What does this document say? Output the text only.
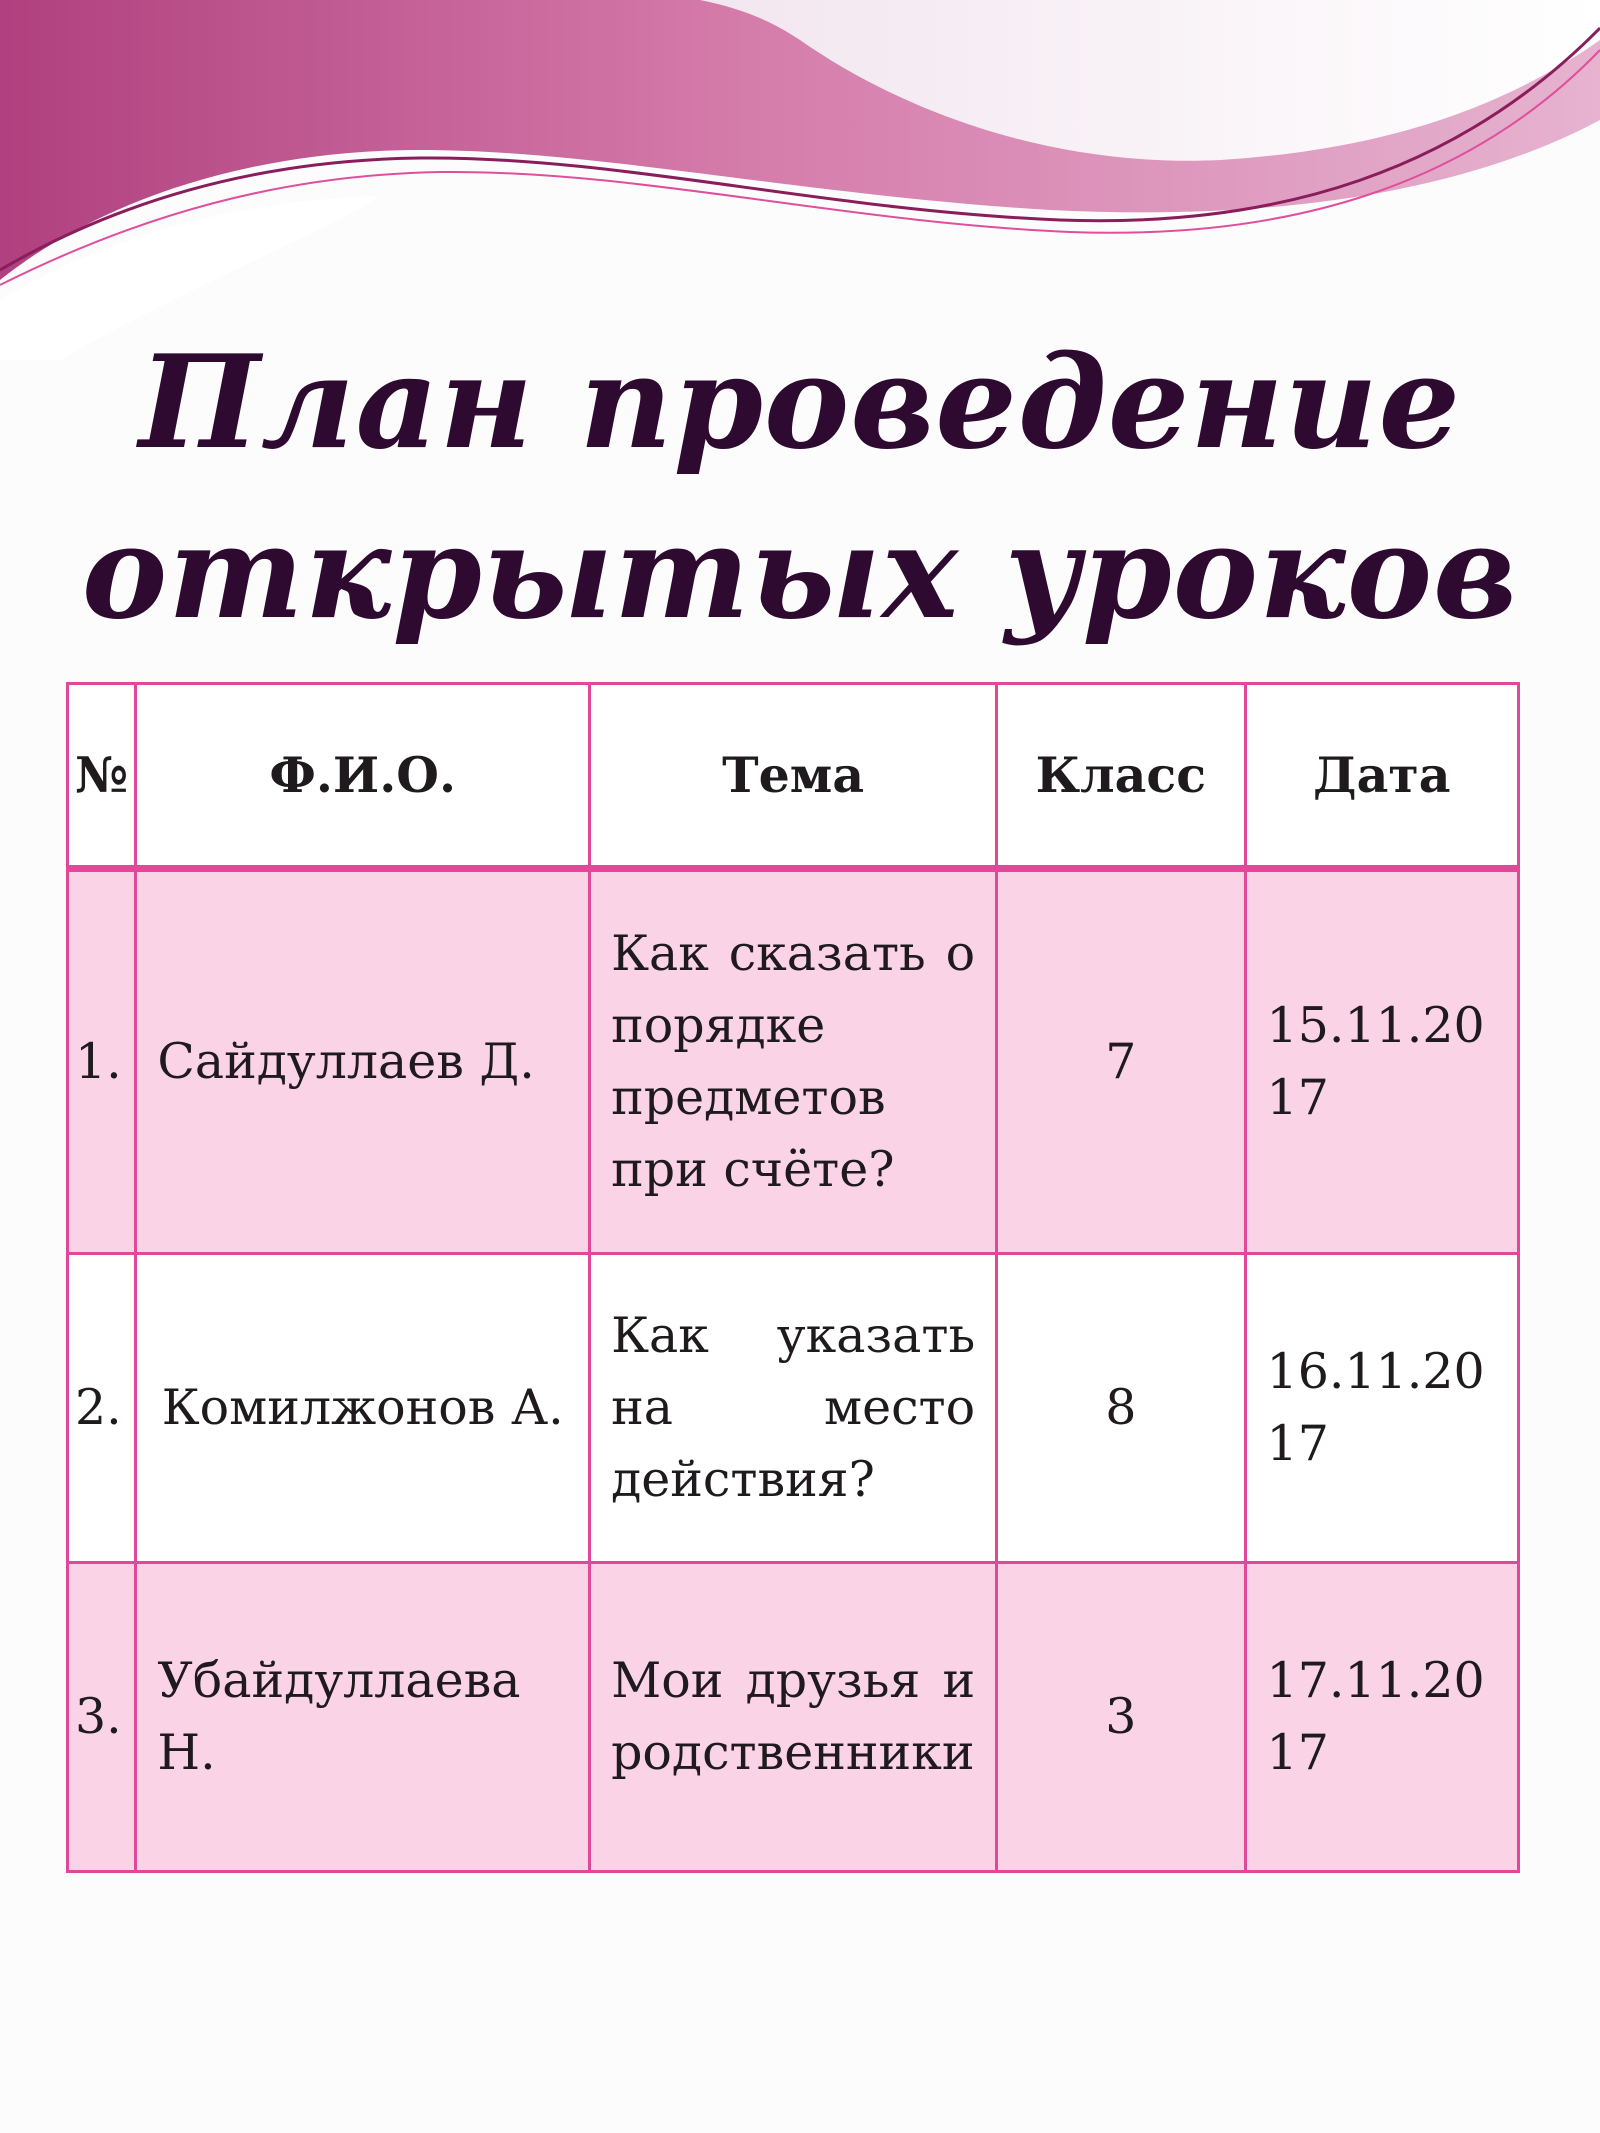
План проведение
открытых уроков
№	Ф.И.О.	Тема	Класс	Дата
1.	Сайдуллаев Д.	Как сказать о порядке предметов при счёте?	7	15.11.2017
2.	Комилжонов А.	Как указать на место действия?	8	16.11.2017
3.	Убайдуллаева Н.	Мои друзья и родственники	3	17.11.2017
